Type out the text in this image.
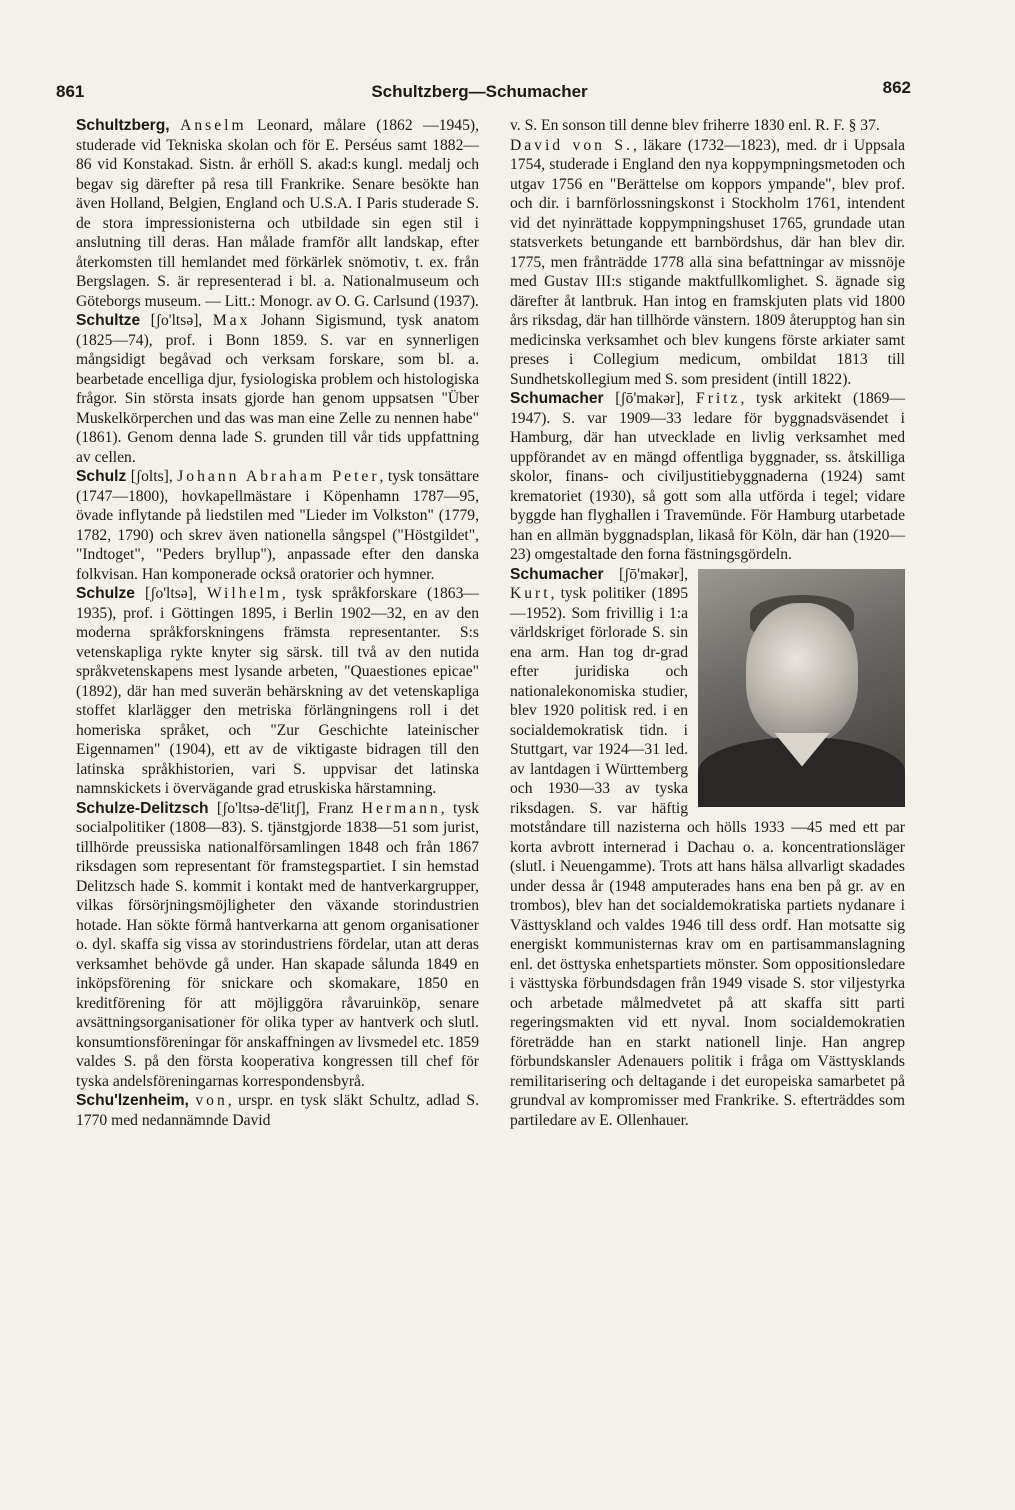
861	Schultzberg—Schumacher	862

Schultzberg, Anselm Leonard, målare (1862 —1945), studerade vid Tekniska skolan och för E. Perséus samt 1882—86 vid Konstakad. Sistn. år erhöll S. akad:s kungl. medalj och begav sig därefter på resa till Frankrike. Senare besökte han även Holland, Belgien, England och U.S.A. I Paris studerade S. de stora impressionisterna och utbildade sin egen stil i anslutning till deras. Han målade framför allt landskap, efter återkomsten till hemlandet med förkärlek snömotiv, t. ex. från Bergslagen. S. är representerad i bl. a. Nationalmuseum och Göteborgs museum. — Litt.: Monogr. av O. G. Carlsund (1937).

Schultze [ʃo'ltsə], Max Johann Sigismund, tysk anatom (1825—74), prof. i Bonn 1859. S. var en synnerligen mångsidigt begåvad och verksam forskare, som bl. a. bearbetade encelliga djur, fysiologiska problem och histologiska frågor. Sin största insats gjorde han genom uppsatsen "Über Muskelkörperchen und das was man eine Zelle zu nennen habe" (1861). Genom denna lade S. grunden till vår tids uppfattning av cellen.

Schulz [ʃolts], Johann Abraham Peter, tysk tonsättare (1747—1800), hovkapellmästare i Köpenhamn 1787—95, övade inflytande på liedstilen med "Lieder im Volkston" (1779, 1782, 1790) och skrev även nationella sångspel ("Höstgildet", "Indtoget", "Peders bryllup"), anpassade efter den danska folkvisan. Han komponerade också oratorier och hymner.

Schulze [ʃo'ltsə], Wilhelm, tysk språkforskare (1863—1935), prof. i Göttingen 1895, i Berlin 1902—32, en av den moderna språkforskningens främsta representanter. S:s vetenskapliga rykte knyter sig särsk. till två av den nutida språkvetenskapens mest lysande arbeten, "Quaestiones epicae" (1892), där han med suverän behärskning av det vetenskapliga stoffet klarlägger den metriska förlängningens roll i det homeriska språket, och "Zur Geschichte lateinischer Eigennamen" (1904), ett av de viktigaste bidragen till den latinska språkhistorien, vari S. uppvisar det latinska namnskickets i övervägande grad etruskiska härstamning.

Schulze-Delitzsch [ʃo'ltsə-dē'litʃ], Franz Hermann, tysk socialpolitiker (1808—83). S. tjänstgjorde 1838—51 som jurist, tillhörde preussiska nationalförsamlingen 1848 och från 1867 riksdagen som representant för framstegspartiet. I sin hemstad Delitzsch hade S. kommit i kontakt med de hantverkargrupper, vilkas försörjningsmöjligheter den växande storindustrien hotade. Han sökte förmå hantverkarna att genom organisationer o. dyl. skaffa sig vissa av storindustriens fördelar, utan att deras verksamhet behövde gå under. Han skapade sålunda 1849 en inköpsförening för snickare och skomakare, 1850 en kreditförening för att möjliggöra råvaruinköp, senare avsättningsorganisationer för olika typer av hantverk och slutl. konsumtionsföreningar för anskaffningen av livsmedel etc. 1859 valdes S. på den första kooperativa kongressen till chef för tyska andelsföreningarnas korrespondensbyrå.

Schu'lzenheim, von, urspr. en tysk släkt Schultz, adlad S. 1770 med nedannämnde David

v. S. En sonson till denne blev friherre 1830 enl. R. F. § 37.

David von S., läkare (1732—1823), med. dr i Uppsala 1754, studerade i England den nya koppympningsmetoden och utgav 1756 en "Berättelse om koppors ympande", blev prof. och dir. i barnförlossningskonst i Stockholm 1761, intendent vid det nyinrättade koppympningshuset 1765, grundade utan statsverkets betungande ett barnbördshus, där han blev dir. 1775, men frånträdde 1778 alla sina befattningar av missnöje med Gustav III:s stigande maktfullkomlighet. S. ägnade sig därefter åt lantbruk. Han intog en framskjuten plats vid 1800 års riksdag, där han tillhörde vänstern. 1809 återupptog han sin medicinska verksamhet och blev kungens förste arkiater samt preses i Collegium medicum, ombildat 1813 till Sundhetskollegium med S. som president (intill 1822).

Schumacher [ʃō'makər], Fritz, tysk arkitekt (1869—1947). S. var 1909—33 ledare för byggnadsväsendet i Hamburg, där han utvecklade en livlig verksamhet med uppförandet av en mängd offentliga byggnader, ss. åtskilliga skolor, finans- och civiljustitiebyggnaderna (1924) samt krematoriet (1930), så gott som alla utförda i tegel; vidare byggde han flyghallen i Travemünde. För Hamburg utarbetade han en allmän byggnadsplan, likaså för Köln, där han (1920—23) omgestaltade den forna fästningsgördeln.

Schumacher [ʃō'makər], Kurt, tysk politiker (1895—1952). Som frivillig i 1:a världskriget förlorade S. sin ena arm. Han tog dr-grad efter juridiska och nationalekonomiska studier, blev 1920 politisk red. i en socialdemokratisk tidn. i Stuttgart, var 1924—31 led. av lantdagen i Württemberg och 1930—33 av tyska riksdagen. S. var häftig motståndare till nazisterna och hölls 1933 —45 med ett par korta avbrott internerad i Dachau o. a. koncentrationsläger (slutl. i Neuengamme). Trots att hans hälsa allvarligt skadades under dessa år (1948 amputerades hans ena ben på gr. av en trombos), blev han det socialdemokratiska partiets nydanare i Västtyskland och valdes 1946 till dess ordf. Han motsatte sig energiskt kommunisternas krav om en partisammanslagning enl. det östtyska enhetspartiets mönster. Som oppositionsledare i västtyska förbundsdagen från 1949 visade S. stor viljestyrka och arbetade målmedvetet på att skaffa sitt parti regeringsmakten vid ett nyval. Inom socialdemokratien företrädde han en starkt nationell linje. Han angrep förbundskansler Adenauers politik i fråga om Västtysklands remilitarisering och deltagande i det europeiska samarbetet på grundval av kompromisser med Frankrike. S. efterträddes som partiledare av E. Ollenhauer.
